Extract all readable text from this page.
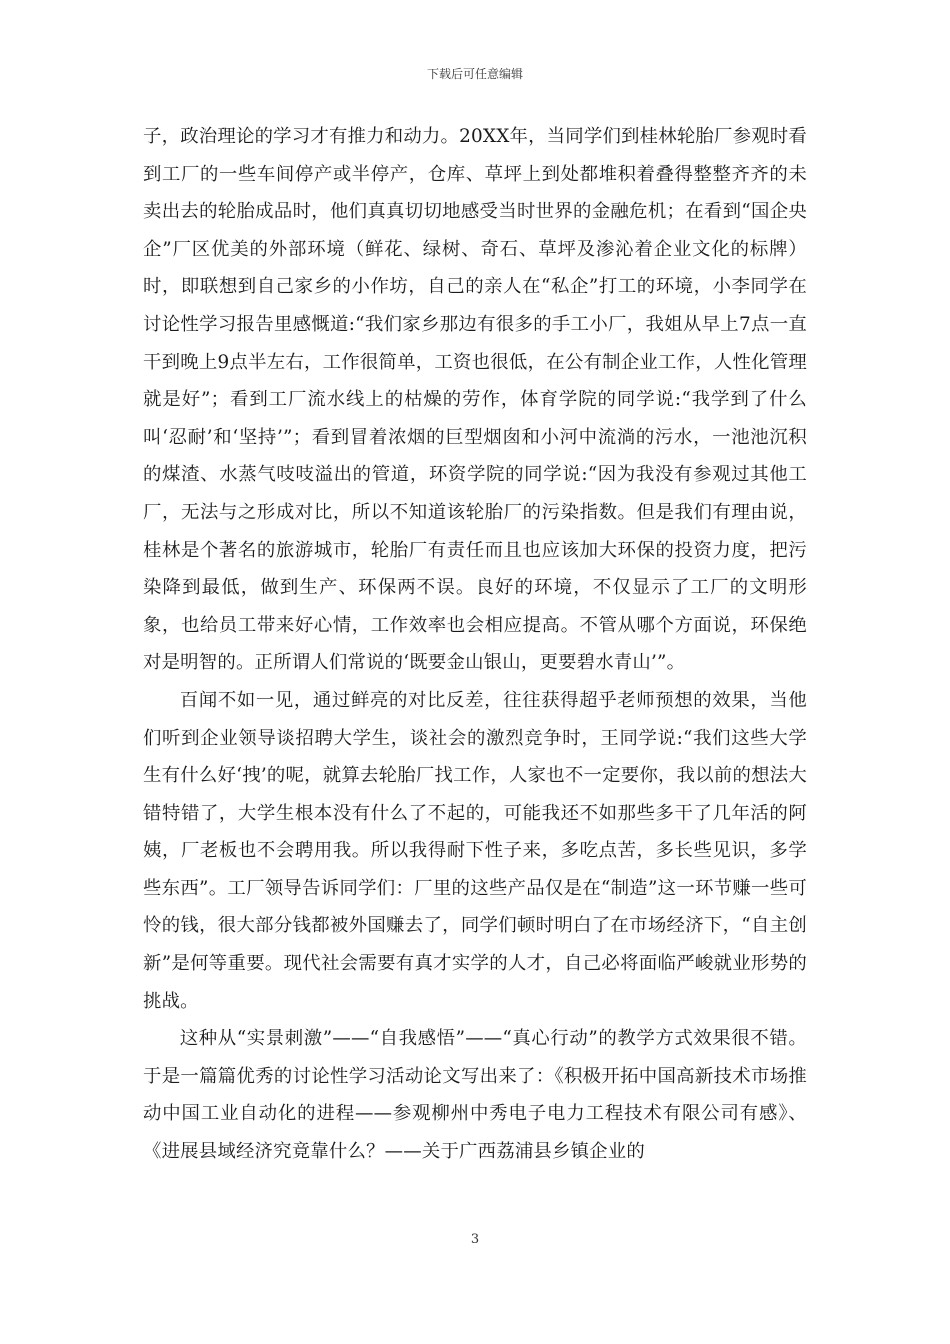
下载后可任意编辑

子，政治理论的学习才有推力和动力。20XX年，当同学们到桂林轮胎厂参观时看到工厂的一些车间停产或半停产，仓库、草坪上到处都堆积着叠得整整齐齐的未卖出去的轮胎成品时，他们真真切切地感受当时世界的金融危机；在看到“国企央企”厂区优美的外部环境（鲜花、绿树、奇石、草坪及渗沁着企业文化的标牌）时，即联想到自己家乡的小作坊，自己的亲人在“私企”打工的环境，小李同学在讨论性学习报告里感慨道:“我们家乡那边有很多的手工小厂，我姐从早上7点一直干到晚上9点半左右，工作很简单，工资也很低，在公有制企业工作，人性化管理就是好”；看到工厂流水线上的枯燥的劳作，体育学院的同学说:“我学到了什么叫‘忍耐’和‘坚持’”；看到冒着浓烟的巨型烟囱和小河中流淌的污水，一池池沉积的煤渣、水蒸气吱吱溢出的管道，环资学院的同学说:“因为我没有参观过其他工厂，无法与之形成对比，所以不知道该轮胎厂的污染指数。但是我们有理由说，桂林是个著名的旅游城市，轮胎厂有责任而且也应该加大环保的投资力度，把污染降到最低，做到生产、环保两不误。良好的环境，不仅显示了工厂的文明形象，也给员工带来好心情，工作效率也会相应提高。不管从哪个方面说，环保绝对是明智的。正所谓人们常说的‘既要金山银山，更要碧水青山’”。

百闻不如一见，通过鲜亮的对比反差，往往获得超乎老师预想的效果，当他们听到企业领导谈招聘大学生，谈社会的激烈竞争时，王同学说:“我们这些大学生有什么好‘拽’的呢，就算去轮胎厂找工作，人家也不一定要你，我以前的想法大错特错了，大学生根本没有什么了不起的，可能我还不如那些多干了几年活的阿姨，厂老板也不会聘用我。所以我得耐下性子来，多吃点苦，多长些见识，多学些东西”。工厂领导告诉同学们：厂里的这些产品仅是在“制造”这一环节赚一些可怜的钱，很大部分钱都被外国赚去了，同学们顿时明白了在市场经济下，“自主创新”是何等重要。现代社会需要有真才实学的人才，自己必将面临严峻就业形势的挑战。

这种从“实景刺激”——“自我感悟”——“真心行动”的教学方式效果很不错。于是一篇篇优秀的讨论性学习活动论文写出来了：《积极开拓中国高新技术市场推动中国工业自动化的进程——参观柳州中秀电子电力工程技术有限公司有感》、《进展县域经济究竟靠什么？——关于广西荔浦县乡镇企业的

3
